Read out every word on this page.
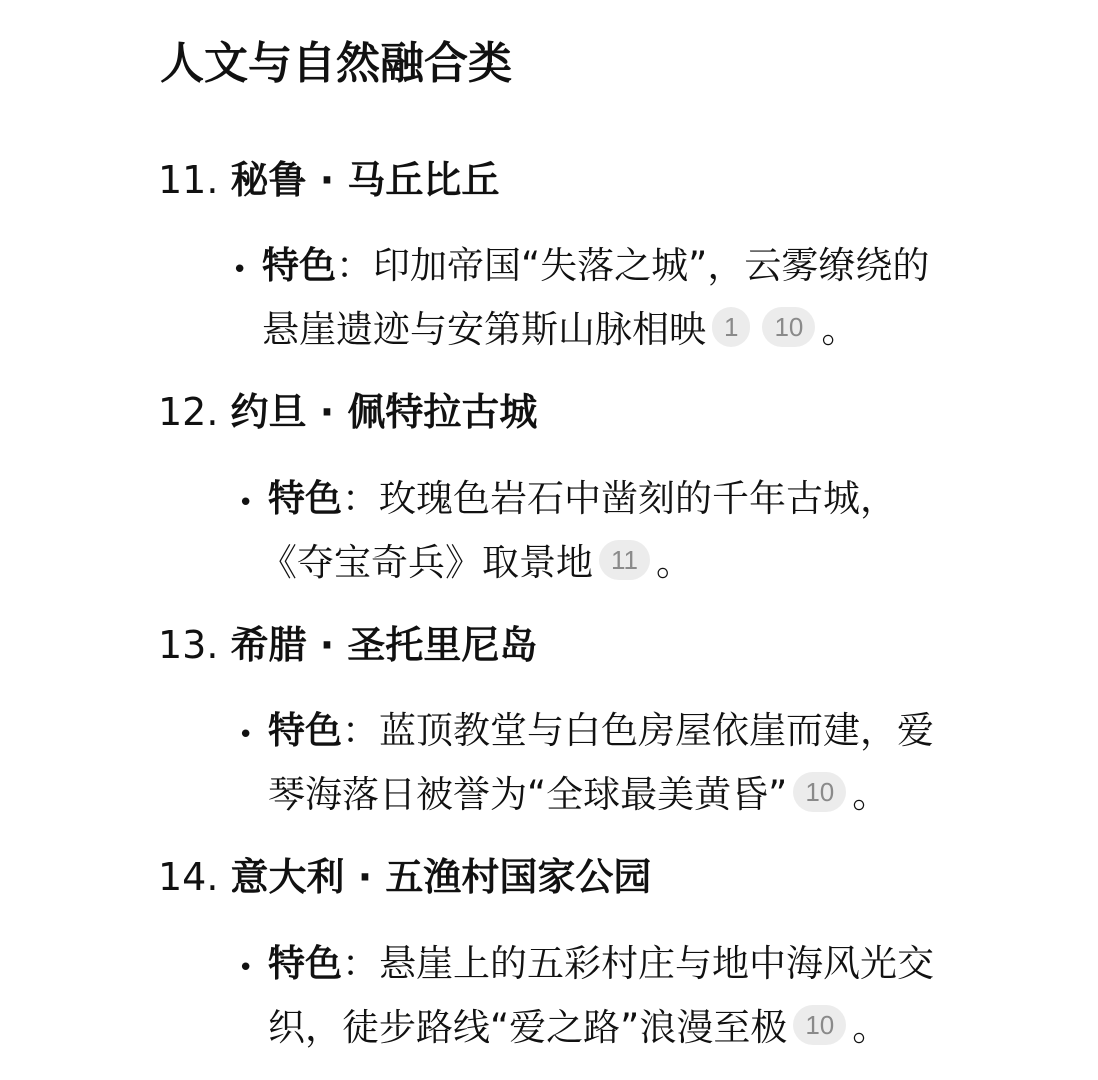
人文与自然融合类
11. 秘鲁 · 马丘比丘
• 特色：印加帝国“失落之城”，云雾缭绕的
悬崖遗迹与安第斯山脉相映 1 10 。
12. 约旦 · 佩特拉古城
• 特色：玫瑰色岩石中凿刻的千年古城，
《夺宝奇兵》取景地 11 。
13. 希腊 · 圣托里尼岛
• 特色：蓝顶教堂与白色房屋依崖而建，爱
琴海落日被誉为“全球最美黄昏” 10 。
14. 意大利 · 五渔村国家公园
• 特色：悬崖上的五彩村庄与地中海风光交
织，徒步路线“爱之路”浪漫至极 10 。
